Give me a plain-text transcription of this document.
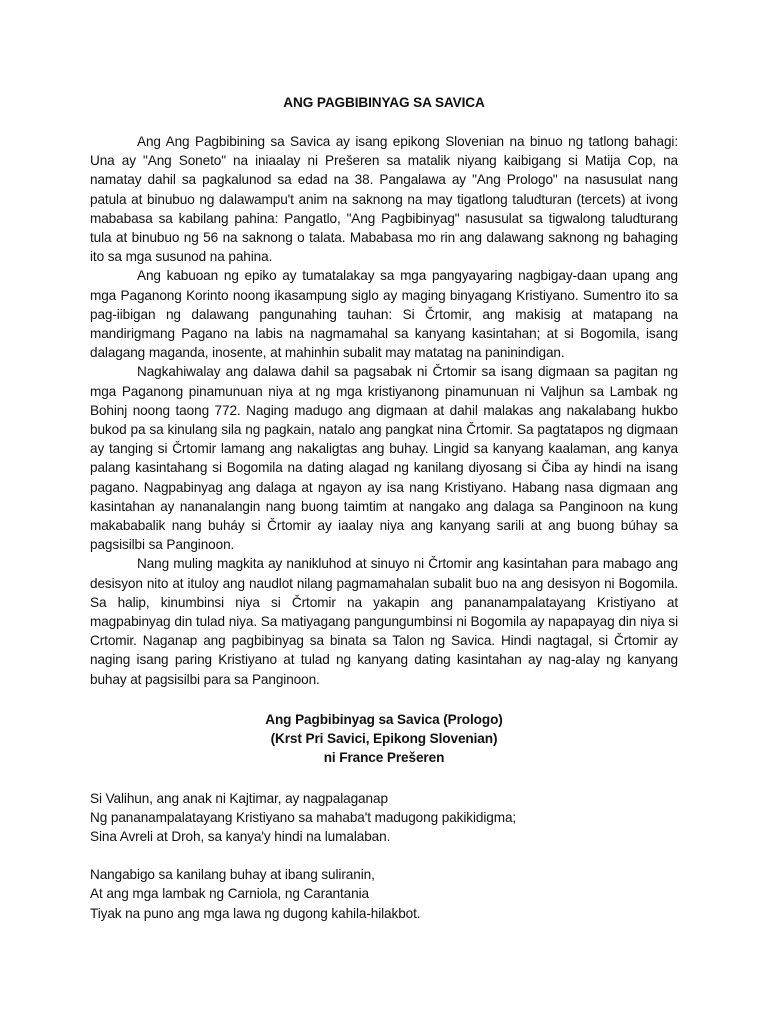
ANG PAGBIBINYAG SA SAVICA

Ang Ang Pagbibining sa Savica ay isang epikong Slovenian na binuo ng tatlong bahagi: Una ay "Ang Soneto" na iniaalay ni Prešeren sa matalik niyang kaibigang si Matija Cop, na namatay dahil sa pagkalunod sa edad na 38. Pangalawa ay "Ang Prologo" na nasusulat nang patula at binubuo ng dalawampu't anim na saknong na may tigatlong taludturan (tercets) at ivong mababasa sa kabilang pahina: Pangatlo, "Ang Pagbibinyag" nasusulat sa tigwalong taludturang tula at binubuo ng 56 na saknong o talata. Mababasa mo rin ang dalawang saknong ng bahaging ito sa mga susunod na pahina.

Ang kabuoan ng epiko ay tumatalakay sa mga pangyayaring nagbigay-daan upang ang mga Paganong Korinto noong ikasampung siglo ay maging binyagang Kristiyano. Sumentro ito sa pag-iibigan ng dalawang pangunahing tauhan: Si Črtomir, ang makisig at matapang na mandirigmang Pagano na labis na nagmamahal sa kanyang kasintahan; at si Bogomila, isang dalagang maganda, inosente, at mahinhin subalit may matatag na paninindigan.

Nagkahiwalay ang dalawa dahil sa pagsabak ni Črtomir sa isang digmaan sa pagitan ng mga Paganong pinamunuan niya at ng mga kristiyanong pinamunuan ni Valjhun sa Lambak ng Bohinj noong taong 772. Naging madugo ang digmaan at dahil malakas ang nakalabang hukbo bukod pa sa kinulang sila ng pagkain, natalo ang pangkat nina Črtomir. Sa pagtatapos ng digmaan ay tanging si Črtomir lamang ang nakaligtas ang buhay. Lingid sa kanyang kaalaman, ang kanya palang kasintahang si Bogomila na dating alagad ng kanilang diyosang si Čiba ay hindi na isang pagano. Nagpabinyag ang dalaga at ngayon ay isa nang Kristiyano. Habang nasa digmaan ang kasintahan ay nananalangin nang buong taimtim at nangako ang dalaga sa Panginoon na kung makababalik nang buháy si Črtomir ay iaalay niya ang kanyang sarili at ang buong búhay sa pagsisilbi sa Panginoon.

Nang muling magkita ay nanikluhod at sinuyo ni Črtomir ang kasintahan para mabago ang desisyon nito at ituloy ang naudlot nilang pagmamahalan subalit buo na ang desisyon ni Bogomila. Sa halip, kinumbinsi niya si Črtomir na yakapin ang pananampalatayang Kristiyano at magpabinyag din tulad niya. Sa matiyagang pangungumbinsi ni Bogomila ay napapayag din niya si Crtomir. Naganap ang pagbibinyag sa binata sa Talon ng Savica. Hindi nagtagal, si Črtomir ay naging isang paring Kristiyano at tulad ng kanyang dating kasintahan ay nag-alay ng kanyang buhay at pagsisilbi para sa Panginoon.

Ang Pagbibinyag sa Savica (Prologo)
(Krst Pri Savici, Epikong Slovenian)
ni France Prešeren
Si Valihun, ang anak ni Kajtimar, ay nagpalaganap
Ng pananampalatayang Kristiyano sa mahaba't madugong pakikidigma;
Sina Avreli at Droh, sa kanya'y hindi na lumalaban.
Nangabigo sa kanilang buhay at ibang suliranin,
At ang mga lambak ng Carniola, ng Carantania
Tiyak na puno ang mga lawa ng dugong kahila-hilakbot.
